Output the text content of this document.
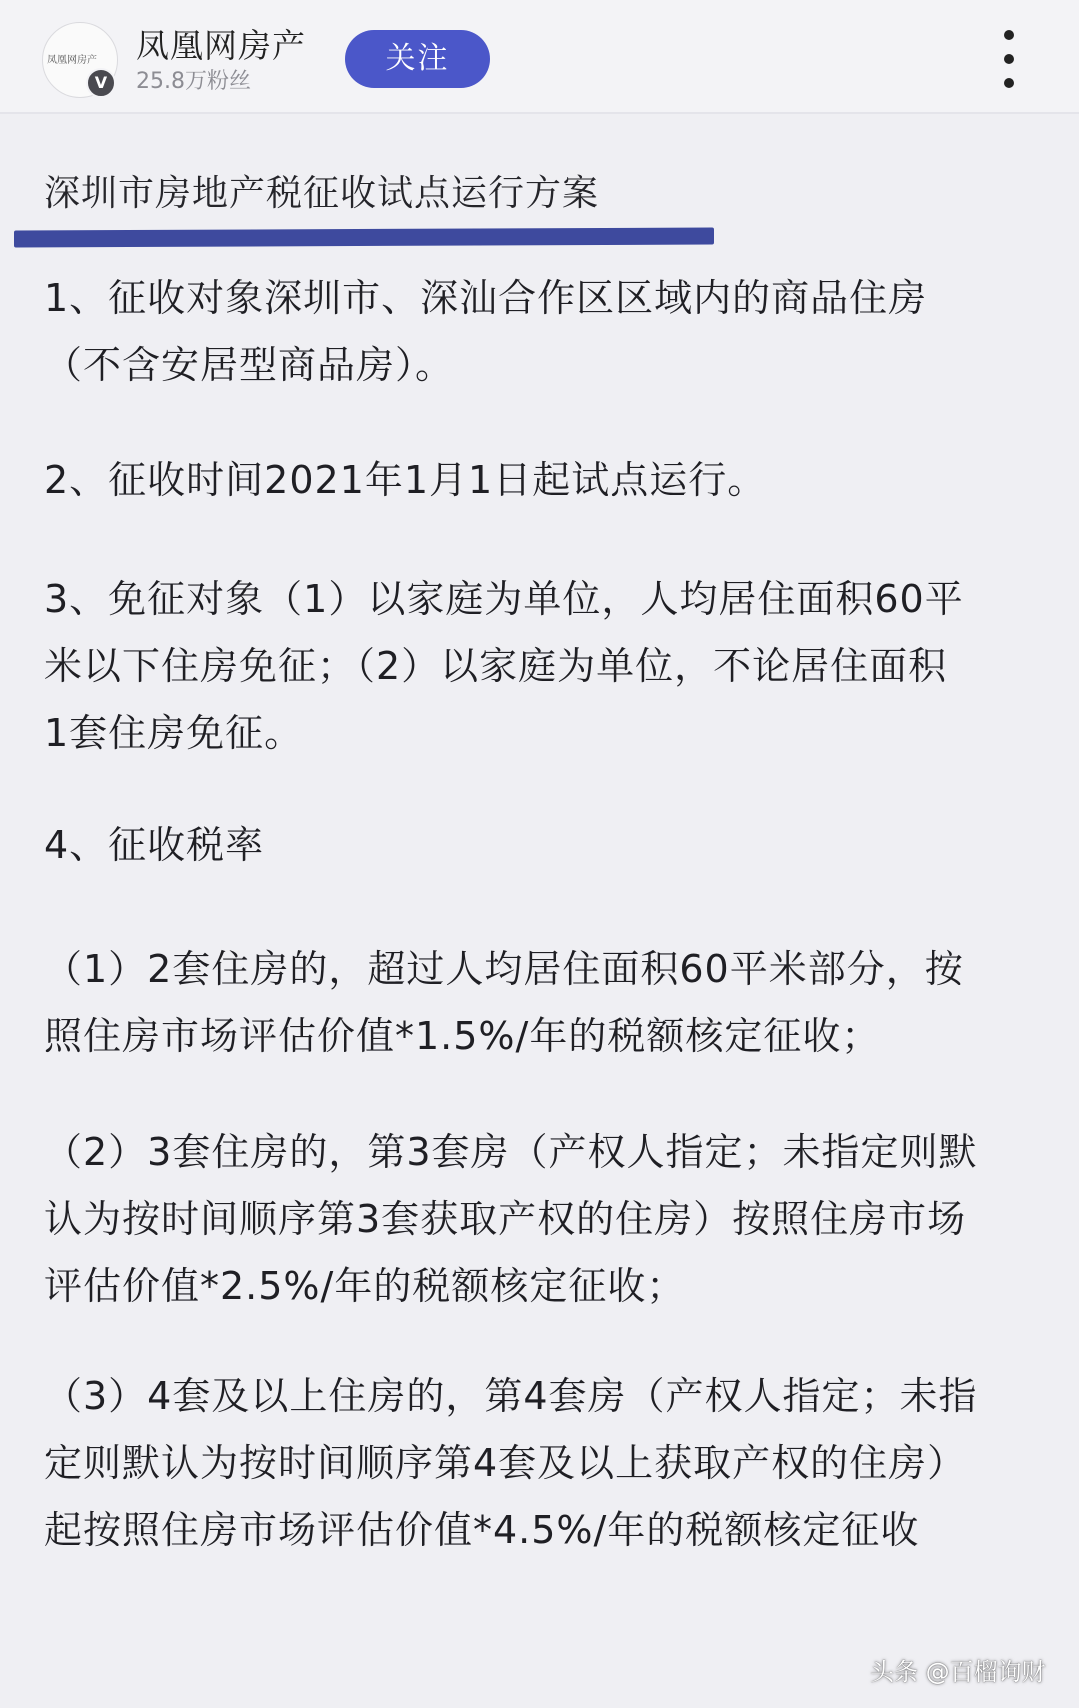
凤凰网房产
V
凤凰网房产
25.8万粉丝
关注
深圳市房地产税征收试点运行方案
1、征收对象深圳市、深汕合作区区域内的商品住房
（不含安居型商品房）。
2、征收时间2021年1月1日起试点运行。
3、免征对象（1）以家庭为单位，人均居住面积60平
米以下住房免征；（2）以家庭为单位，不论居住面积
1套住房免征。
4、征收税率
（1）2套住房的，超过人均居住面积60平米部分，按
照住房市场评估价值*1.5%/年的税额核定征收；
（2）3套住房的，第3套房（产权人指定；未指定则默
认为按时间顺序第3套获取产权的住房）按照住房市场
评估价值*2.5%/年的税额核定征收；
（3）4套及以上住房的，第4套房（产权人指定；未指
定则默认为按时间顺序第4套及以上获取产权的住房）
起按照住房市场评估价值*4.5%/年的税额核定征收
头条 @百榴询财
